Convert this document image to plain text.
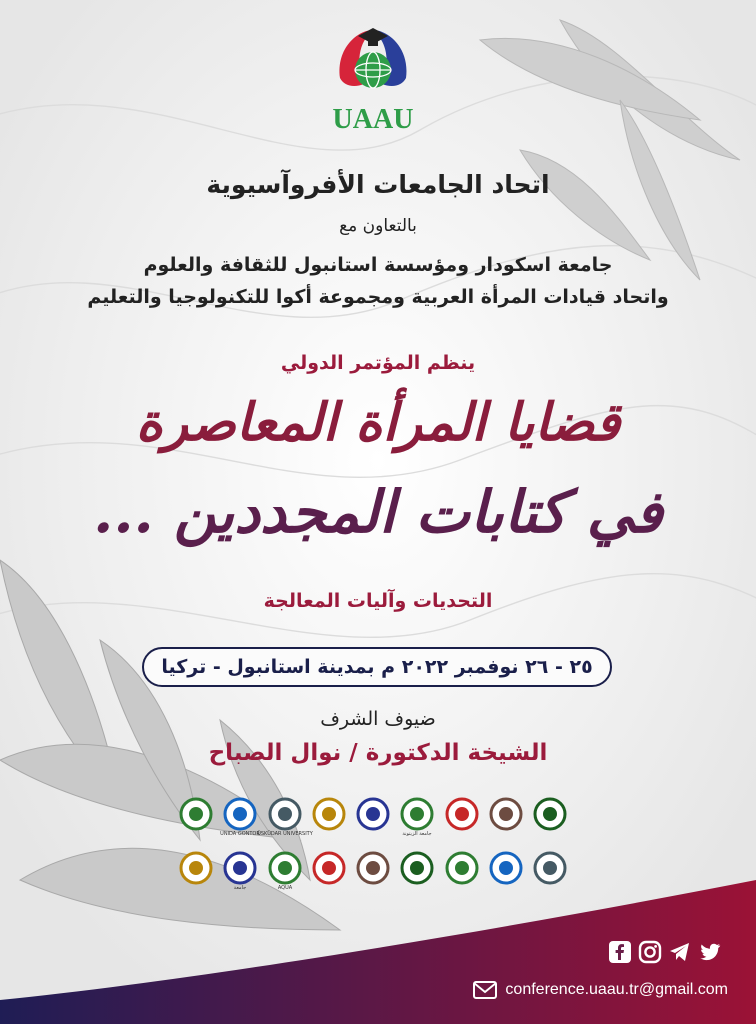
UAAU
اتحاد الجامعات الأفروآسيوية
بالتعاون مع
جامعة اسكودار ومؤسسة استانبول للثقافة والعلوم
واتحاد قيادات المرأة العربية ومجموعة أكوا للتكنولوجيا والتعليم
ينظم المؤتمر الدولي
قضايا المرأة المعاصرة
في كتابات المجددين ...
التحديات وآليات المعالجة
٢٥ - ٢٦ نوفمبر ٢٠٢٢ م بمدينة استانبول - تركيا
ضيوف الشرف
الشيخة الدكتورة / نوال الصباح
UNIDA GONTOR
ÜSKÜDAR UNIVERSITY	جامعة الزيتونة
جامعة	AQUA
conference.uaau.tr@gmail.com
